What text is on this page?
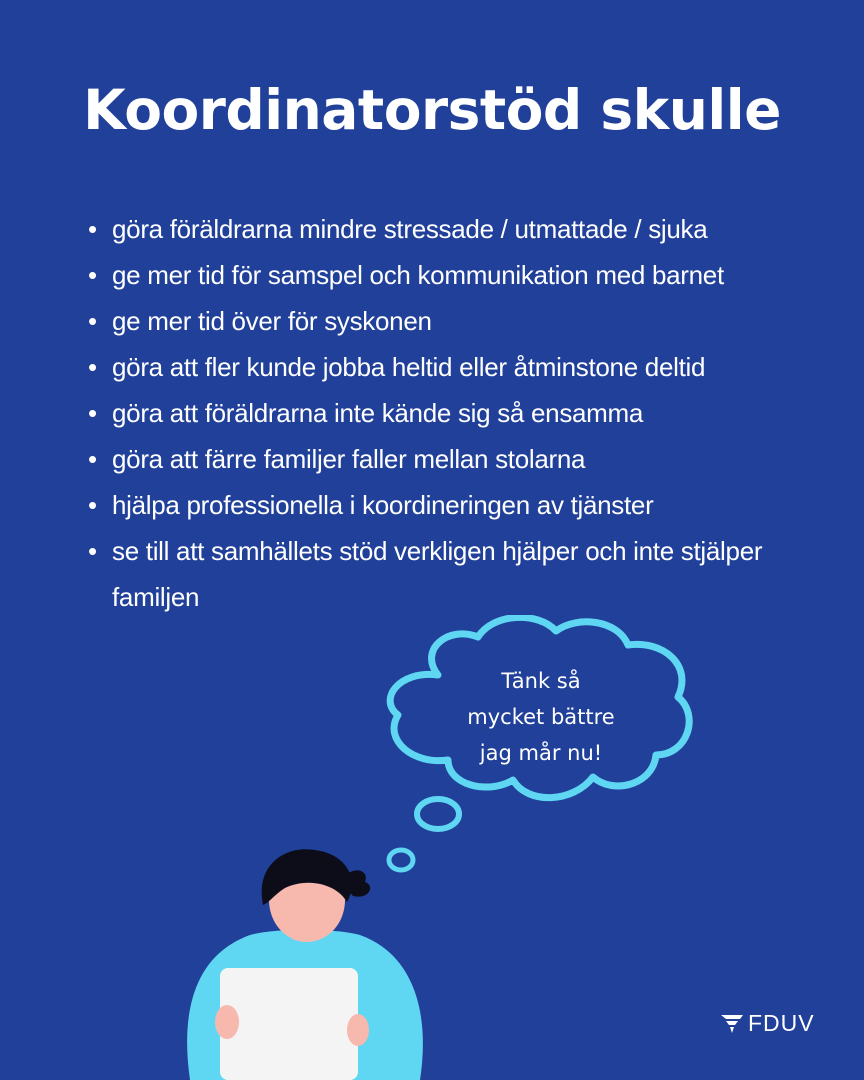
Koordinatorstöd skulle
• göra föräldrarna mindre stressade / utmattade / sjuka
• ge mer tid för samspel och kommunikation med barnet
• ge mer tid över för syskonen
• göra att fler kunde jobba heltid eller åtminstone deltid
• göra att föräldrarna inte kände sig så ensamma
• göra att färre familjer faller mellan stolarna
• hjälpa professionella i koordineringen av tjänster
• se till att samhällets stöd verkligen hjälper och inte stjälper familjen
Tänk så
mycket bättre
jag mår nu!
FDUV
